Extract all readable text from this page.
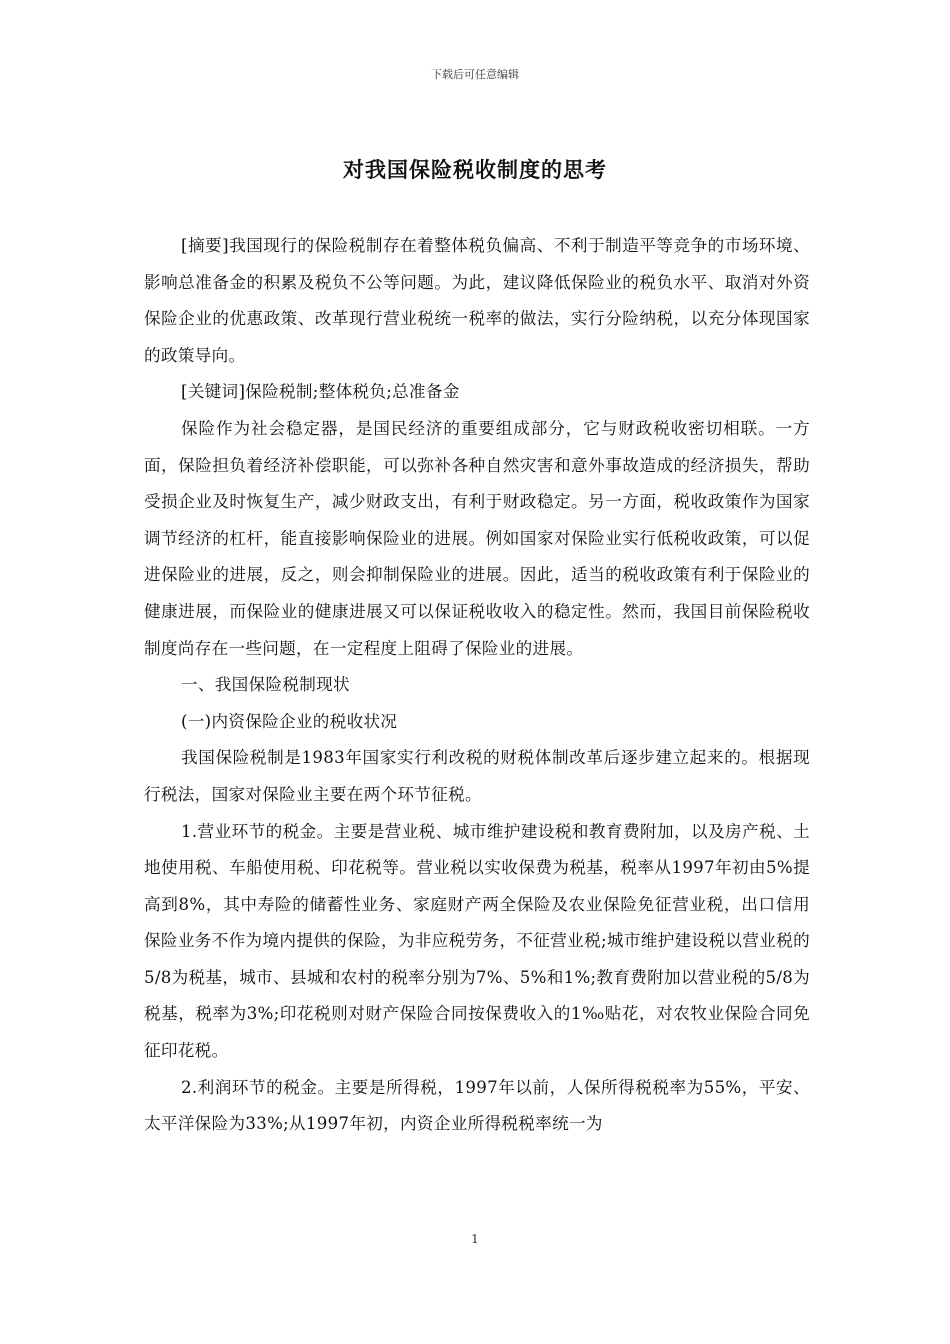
下载后可任意编辑
对我国保险税收制度的思考

[摘要]我国现行的保险税制存在着整体税负偏高、不利于制造平等竞争的市场环境、影响总准备金的积累及税负不公等问题。为此，建议降低保险业的税负水平、取消对外资保险企业的优惠政策、改革现行营业税统一税率的做法，实行分险纳税，以充分体现国家的政策导向。

[关键词]保险税制;整体税负;总准备金

保险作为社会稳定器，是国民经济的重要组成部分，它与财政税收密切相联。一方面，保险担负着经济补偿职能，可以弥补各种自然灾害和意外事故造成的经济损失，帮助受损企业及时恢复生产，减少财政支出，有利于财政稳定。另一方面，税收政策作为国家调节经济的杠杆，能直接影响保险业的进展。例如国家对保险业实行低税收政策，可以促进保险业的进展，反之，则会抑制保险业的进展。因此，适当的税收政策有利于保险业的健康进展，而保险业的健康进展又可以保证税收收入的稳定性。然而，我国目前保险税收制度尚存在一些问题，在一定程度上阻碍了保险业的进展。

一、我国保险税制现状

(一)内资保险企业的税收状况

我国保险税制是1983年国家实行利改税的财税体制改革后逐步建立起来的。根据现行税法，国家对保险业主要在两个环节征税。

1.营业环节的税金。主要是营业税、城市维护建设税和教育费附加，以及房产税、土地使用税、车船使用税、印花税等。营业税以实收保费为税基，税率从1997年初由5%提高到8%，其中寿险的储蓄性业务、家庭财产两全保险及农业保险免征营业税，出口信用保险业务不作为境内提供的保险，为非应税劳务，不征营业税;城市维护建设税以营业税的5/8为税基，城市、县城和农村的税率分别为7%、5%和1%;教育费附加以营业税的5/8为税基，税率为3%;印花税则对财产保险合同按保费收入的1‰贴花，对农牧业保险合同免征印花税。

2.利润环节的税金。主要是所得税，1997年以前，人保所得税税率为55%，平安、太平洋保险为33%;从1997年初，内资企业所得税税率统一为

1
